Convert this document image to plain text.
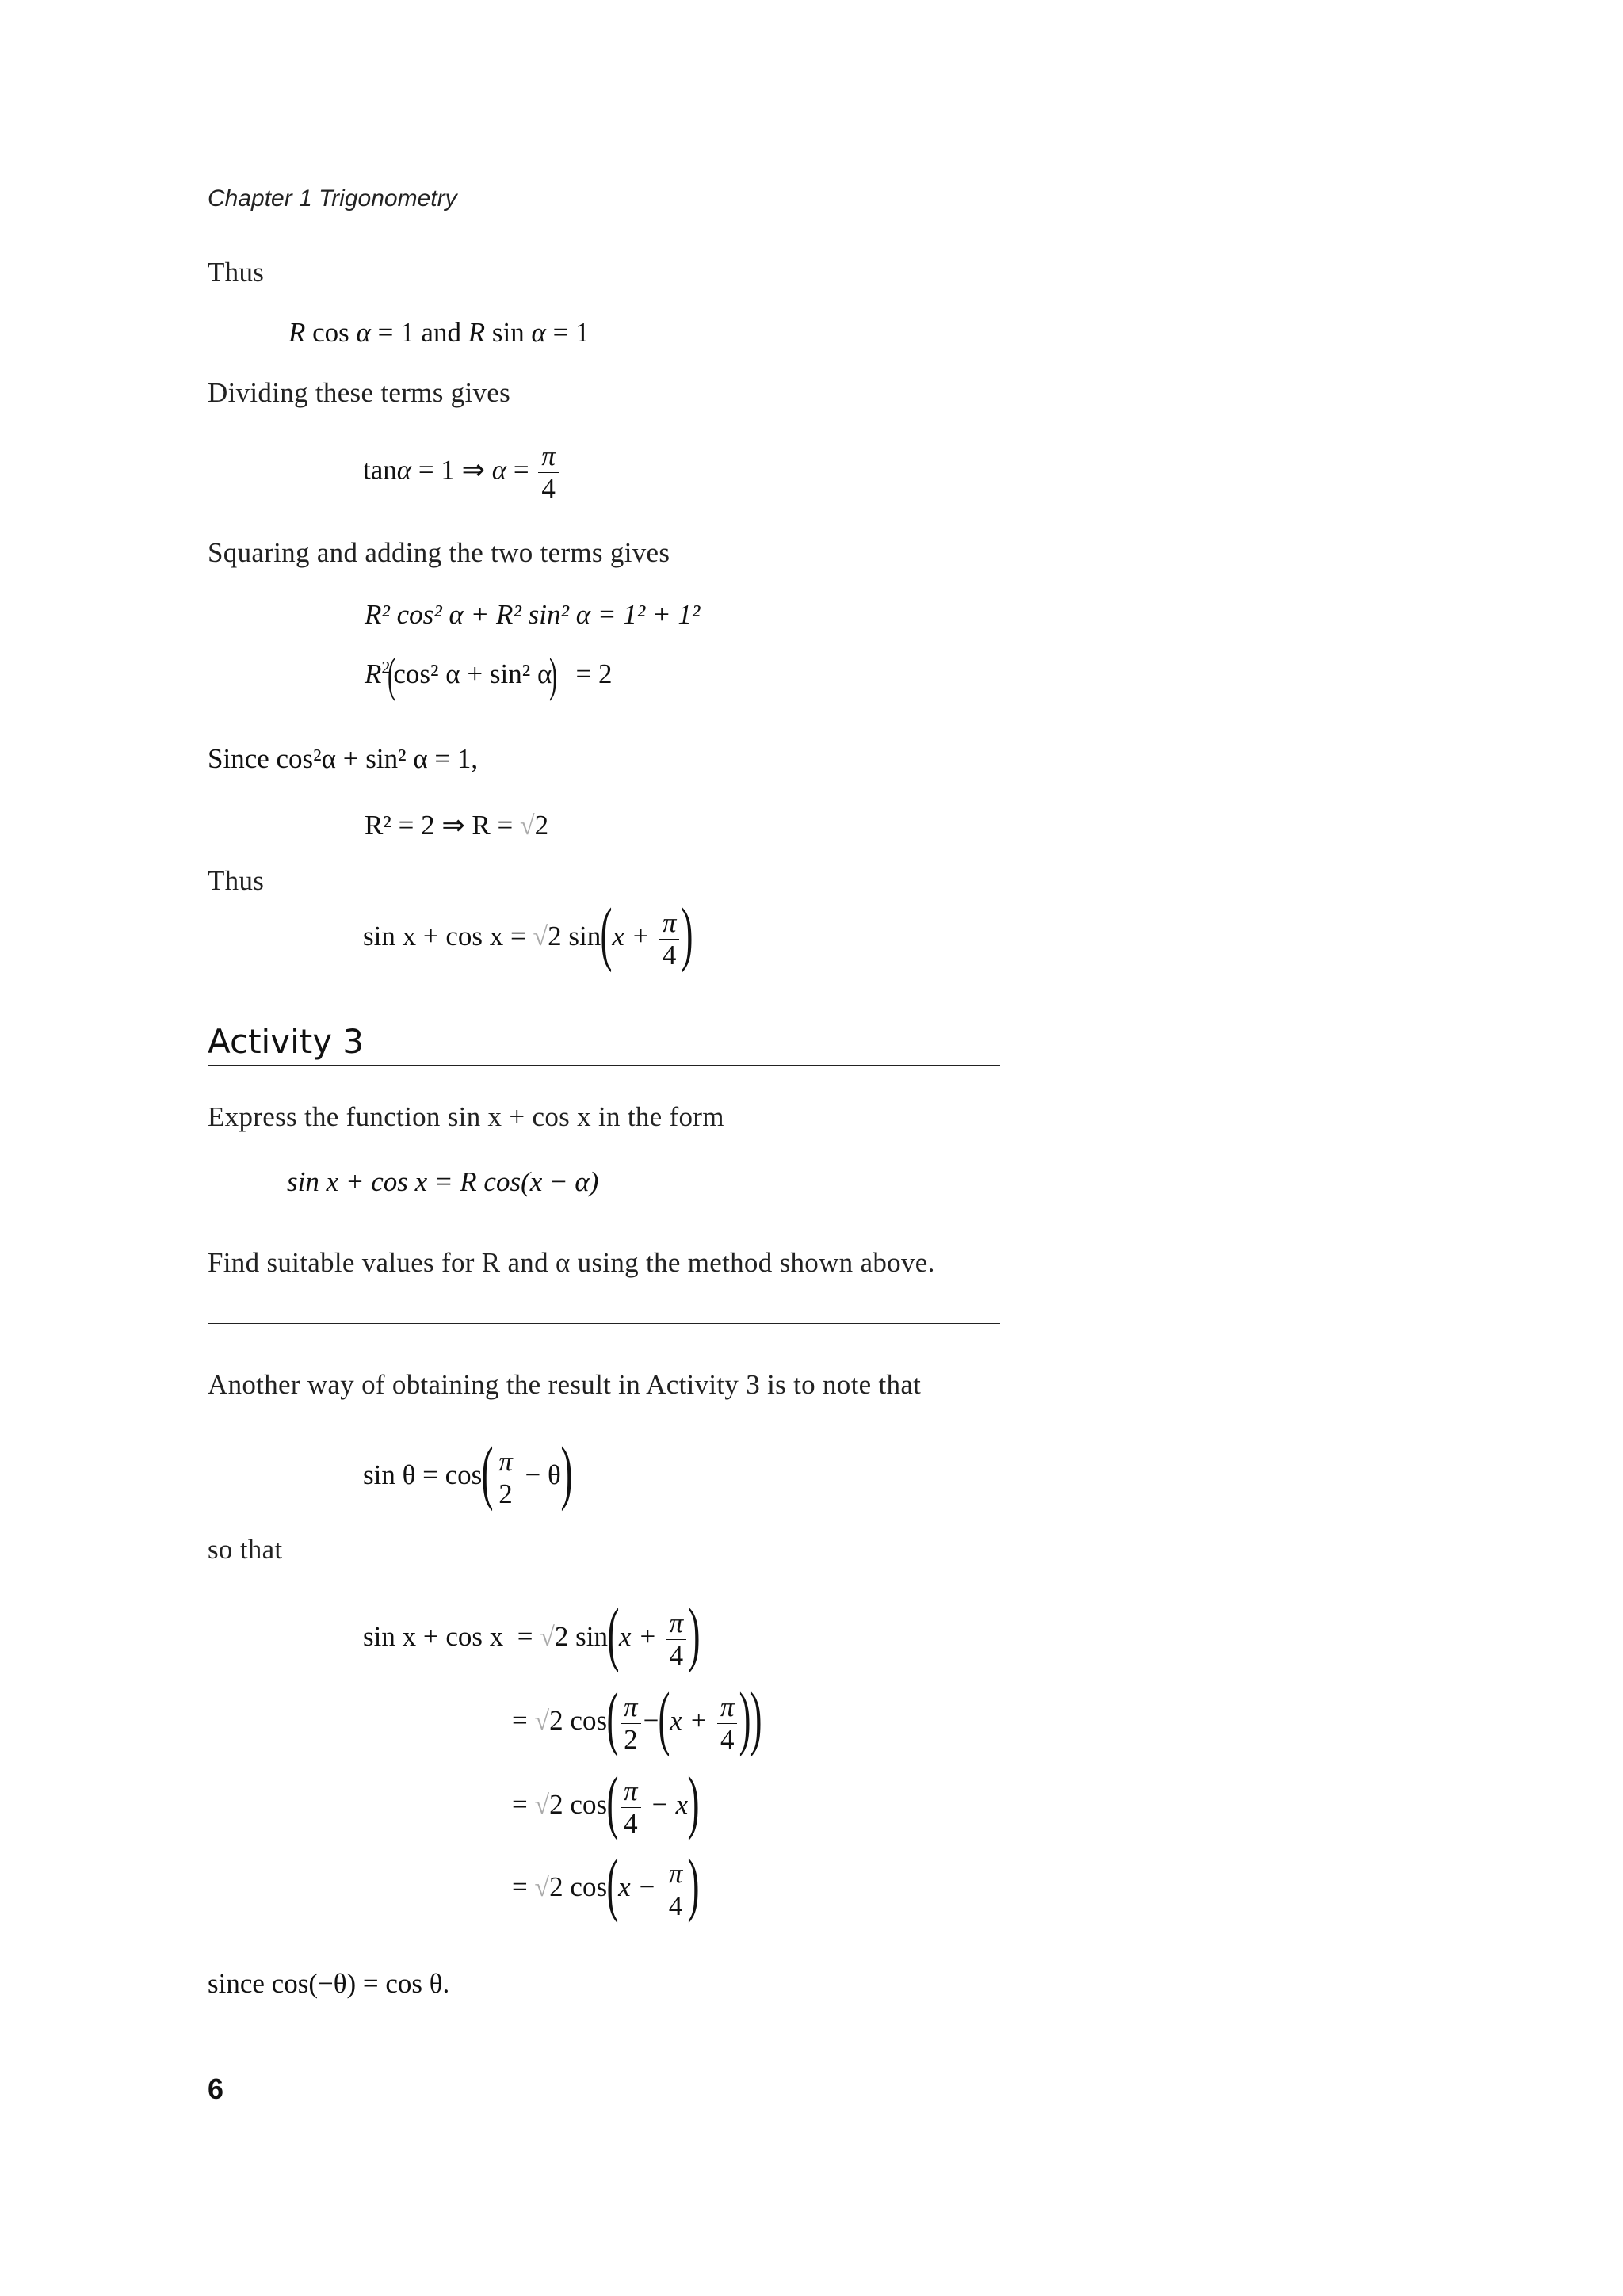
Chapter 1 Trigonometry
Thus
R cos α = 1 and R sin α = 1
Dividing these terms gives
tanα = 1 ⇒ $\alpha = \frac{\pi}{4}$
Squaring and adding the two terms gives
R² cos² α + R² sin² α = 1² + 1²
$R^2(\cos^2$ α + sin² α) = 2
Since cos²α + sin² α = 1,
R² = 2 ⇒ R = √2
Thus
sin x + cos x = √2 $\sin(x + \frac{\pi}{4}$ )
Activity 3
Express the function sin x + cos x in the form
sin x + cos x = R cos(x − α)
Find suitable values for R and α using the method shown above.
Another way of obtaining the result in Activity 3 is to note that
$\sin \theta = \cos( \frac{\pi}{2} - \theta)$
so that
sin x + cos x = √2 $\sin(x + \frac{\pi}{4}$ )
= √2 $\cos( \frac{\pi}{2} -(x + \frac{\pi}{4}$ ))
= √2 $\cos( \frac{\pi}{4} - x)$
= √2 $\cos(x - \frac{\pi}{4}$ )
since cos(−θ) = cos θ.
6
